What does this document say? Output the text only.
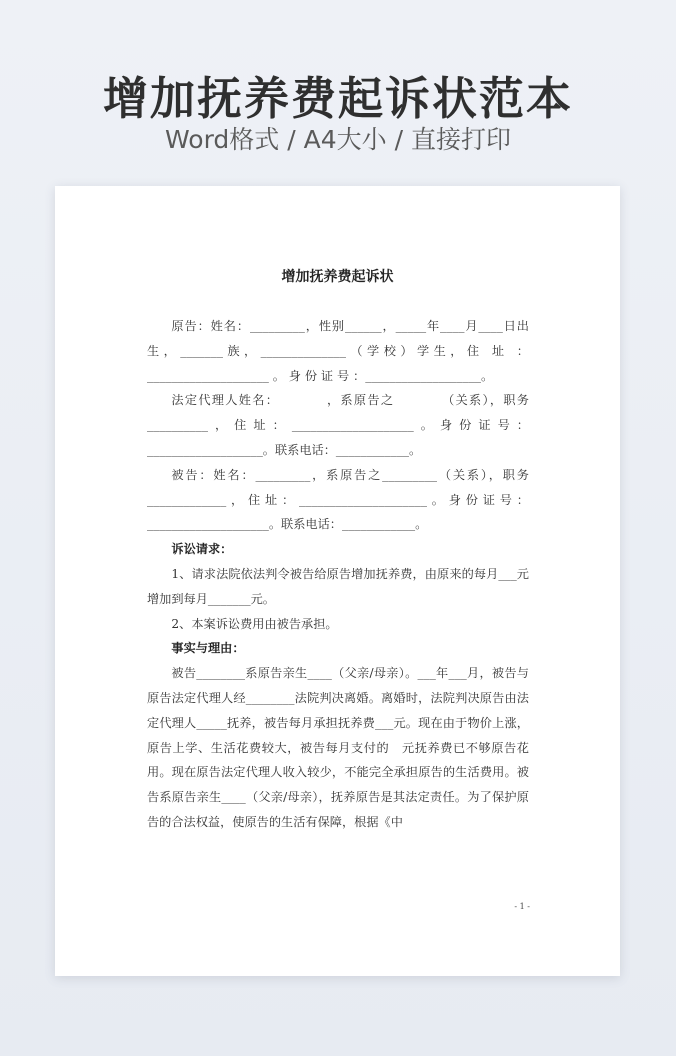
增加抚养费起诉状范本
Word格式 / A4大小 / 直接打印
增加抚养费起诉状

原告：姓名：_________，性别______，_____年____月____日出生，_______族，______________（学校）学生，住 址 ： ____________________ 。 身 份 证 号 ：___________________。

法定代理人姓名：　　　　，系原告之　　　　（关系），职务__________，住址：____________________。身份证号：___________________。联系电话：____________。

被告：姓名：_________，系原告之_________（关系），职务_____________，住址：_____________________。身份证号：____________________。联系电话：____________。

诉讼请求：

1、请求法院依法判令被告给原告增加抚养费，由原来的每月___元增加到每月_______元。

2、本案诉讼费用由被告承担。

事实与理由：

被告________系原告亲生____（父亲/母亲）。___年___月，被告与原告法定代理人经________法院判决离婚。离婚时，法院判决原告由法定代理人_____抚养，被告每月承担抚养费___元。现在由于物价上涨，原告上学、生活花费较大，被告每月支付的　元抚养费已不够原告花用。现在原告法定代理人收入较少，不能完全承担原告的生活费用。被告系原告亲生____（父亲/母亲），抚养原告是其法定责任。为了保护原告的合法权益，使原告的生活有保障，根据《中

- 1 -
